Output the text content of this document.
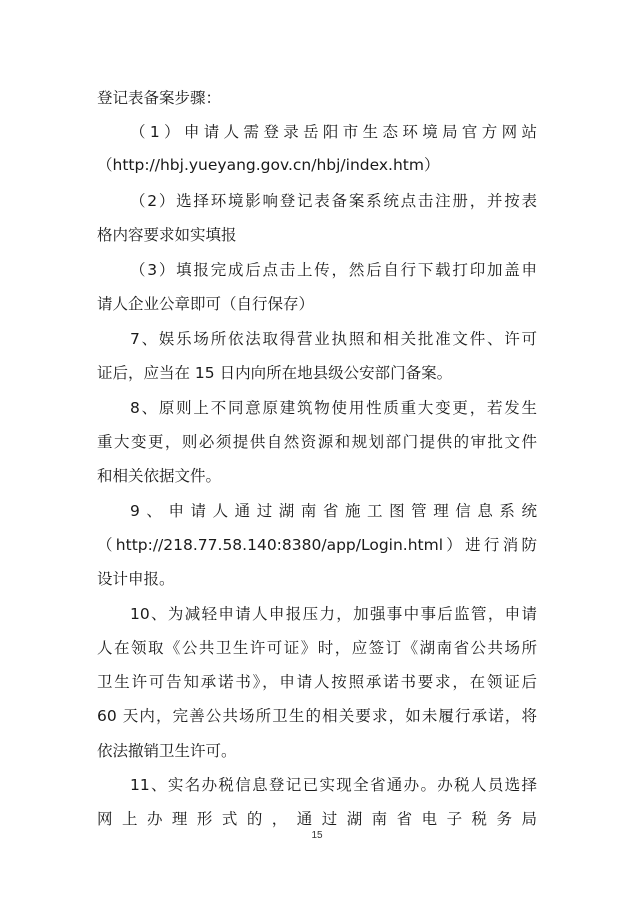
登记表备案步骤：
（1）申请人需登录岳阳市生态环境局官方网站
（http://hbj.yueyang.gov.cn/hbj/index.htm）
（2）选择环境影响登记表备案系统点击注册，并按表
格内容要求如实填报
（3）填报完成后点击上传，然后自行下载打印加盖申
请人企业公章即可（自行保存）
7、娱乐场所依法取得营业执照和相关批准文件、许可
证后，应当在 15 日内向所在地县级公安部门备案。
8、原则上不同意原建筑物使用性质重大变更，若发生
重大变更，则必须提供自然资源和规划部门提供的审批文件
和相关依据文件。
9、申请人通过湖南省施工图管理信息系统
（http://218.77.58.140:8380/app/Login.html）进行消防
设计申报。
10、为减轻申请人申报压力，加强事中事后监管，申请
人在领取《公共卫生许可证》时，应签订《湖南省公共场所
卫生许可告知承诺书》，申请人按照承诺书要求，在领证后
60 天内，完善公共场所卫生的相关要求，如未履行承诺，将
依法撤销卫生许可。
11、实名办税信息登记已实现全省通办。办税人员选择
网上办理形式的，通过湖南省电子税务局
15
